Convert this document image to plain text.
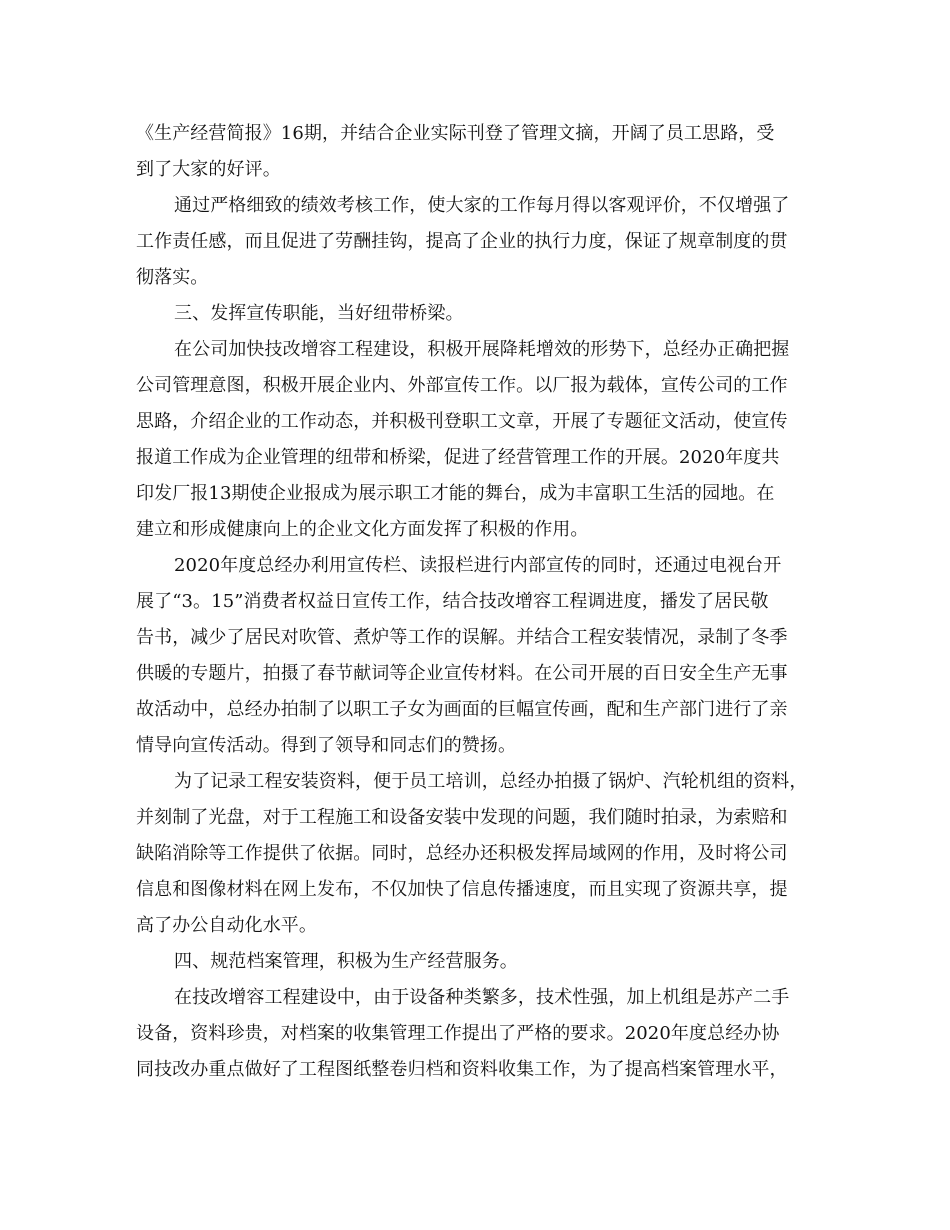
《生产经营简报》16期，并结合企业实际刊登了管理文摘，开阔了员工思路，受
到了大家的好评。
通过严格细致的绩效考核工作，使大家的工作每月得以客观评价，不仅增强了
工作责任感，而且促进了劳酬挂钩，提高了企业的执行力度，保证了规章制度的贯
彻落实。
三、发挥宣传职能，当好纽带桥梁。
在公司加快技改增容工程建设，积极开展降耗增效的形势下，总经办正确把握
公司管理意图，积极开展企业内、外部宣传工作。以厂报为载体，宣传公司的工作
思路，介绍企业的工作动态，并积极刊登职工文章，开展了专题征文活动，使宣传
报道工作成为企业管理的纽带和桥梁，促进了经营管理工作的开展。2020年度共
印发厂报13期使企业报成为展示职工才能的舞台，成为丰富职工生活的园地。在
建立和形成健康向上的企业文化方面发挥了积极的作用。
2020年度总经办利用宣传栏、读报栏进行内部宣传的同时，还通过电视台开
展了“3。15”消费者权益日宣传工作，结合技改增容工程调进度，播发了居民敬
告书，减少了居民对吹管、煮炉等工作的误解。并结合工程安装情况，录制了冬季
供暖的专题片，拍摄了春节献词等企业宣传材料。在公司开展的百日安全生产无事
故活动中，总经办拍制了以职工子女为画面的巨幅宣传画，配和生产部门进行了亲
情导向宣传活动。得到了领导和同志们的赞扬。
为了记录工程安装资料，便于员工培训，总经办拍摄了锅炉、汽轮机组的资料，
并刻制了光盘，对于工程施工和设备安装中发现的问题，我们随时拍录，为索赔和
缺陷消除等工作提供了依据。同时，总经办还积极发挥局域网的作用，及时将公司
信息和图像材料在网上发布，不仅加快了信息传播速度，而且实现了资源共享，提
高了办公自动化水平。
四、规范档案管理，积极为生产经营服务。
在技改增容工程建设中，由于设备种类繁多，技术性强，加上机组是苏产二手
设备，资料珍贵，对档案的收集管理工作提出了严格的要求。2020年度总经办协
同技改办重点做好了工程图纸整卷归档和资料收集工作，为了提高档案管理水平，
